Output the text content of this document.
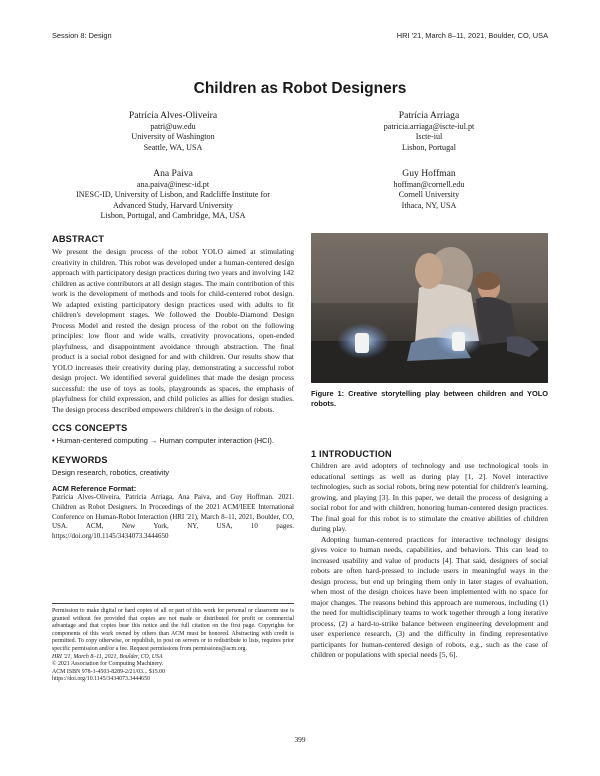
Session 8: Design	HRI '21, March 8–11, 2021, Boulder, CO, USA
Children as Robot Designers
Patrícia Alves-Oliveira
patri@uw.edu
University of Washington
Seattle, WA, USA
Patrícia Arriaga
patricia.arriaga@iscte-iul.pt
Iscte-iul
Lisbon, Portugal
Ana Paiva
ana.paiva@inesc-id.pt
INESC-ID, University of Lisbon, and Radcliffe Institute for
Advanced Study, Harvard University
Lisbon, Portugal, and Cambridge, MA, USA
Guy Hoffman
hoffman@cornell.edu
Cornell University
Ithaca, NY, USA
ABSTRACT

We present the design process of the robot YOLO aimed at stimulating creativity in children. This robot was developed under a human-centered design approach with participatory design practices during two years and involving 142 children as active contributors at all design stages. The main contribution of this work is the development of methods and tools for child-centered robot design. We adapted existing participatory design practices used with adults to fit children's development stages. We followed the Double-Diamond Design Process Model and rested the design process of the robot on the following principles: low floor and wide walls, creativity provocations, open-ended playfulness, and disappointment avoidance through abstraction. The final product is a social robot designed for and with children. Our results show that YOLO increases their creativity during play, demonstrating a successful robot design project. We identified several guidelines that made the design process successful: the use of toys as tools, playgrounds as spaces, the emphasis of playfulness for child expression, and child policies as allies for design studies. The design process described empowers children's in the design of robots.

CCS CONCEPTS

• Human-centered computing → Human computer interaction (HCI).

KEYWORDS

Design research, robotics, creativity

ACM Reference Format:

Patrícia Alves-Oliveira, Patrícia Arriaga, Ana Paiva, and Guy Hoffman. 2021. Children as Robot Designers. In Proceedings of the 2021 ACM/IEEE International Conference on Human-Robot Interaction (HRI '21), March 8–11, 2021, Boulder, CO, USA. ACM, New York, NY, USA, 10 pages. https://doi.org/10.1145/3434073.3444650

Permission to make digital or hard copies of all or part of this work for personal or classroom use is granted without fee provided that copies are not made or distributed for profit or commercial advantage and that copies bear this notice and the full citation on the first page. Copyrights for components of this work owned by others than ACM must be honored. Abstracting with credit is permitted. To copy otherwise, or republish, to post on servers or to redistribute to lists, requires prior specific permission and/or a fee. Request permissions from permissions@acm.org.

HRI '21, March 8–11, 2021, Boulder, CO, USA

© 2021 Association for Computing Machinery.

ACM ISBN 978-1-4503-8289-2/21/03... $15.00

https://doi.org/10.1145/3434073.3444650

Figure 1: Creative storytelling play between children and YOLO robots.
1 INTRODUCTION

Children are avid adopters of technology and use technological tools in educational settings as well as during play [1, 2]. Novel interactive technologies, such as social robots, bring new potential for children's learning, growing, and playing [3]. In this paper, we detail the process of designing a social robot for and with children, honoring human-centered design practices. The final goal for this robot is to stimulate the creative abilities of children during play.

Adopting human-centered practices for interactive technology designs gives voice to human needs, capabilities, and behaviors. This can lead to increased usability and value of products [4]. That said, designers of social robots are often hard-pressed to include users in meaningful ways in the design process, but end up bringing them only in later stages of evaluation, when most of the design choices have been implemented with no space for major changes. The reasons behind this approach are numerous, including (1) the need for multidisciplinary teams to work together through a long iterative process, (2) a hard-to-strike balance between engineering development and user experience research, (3) and the difficulty in finding representative participants for human-centered design of robots, e.g., such as the case of children or populations with special needs [5, 6].

399
